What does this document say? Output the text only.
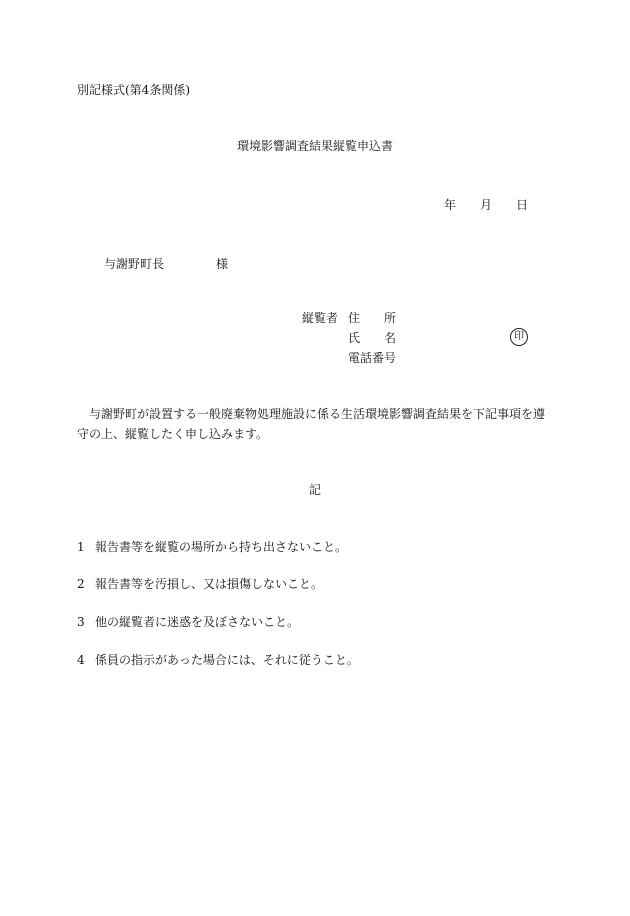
別記様式(第4条関係)
環境影響調査結果縦覧申込書
年 月 日
与謝野町長	様
縦覧者 住　　所
氏　　名	印
電話番号
与謝野町が設置する一般廃棄物処理施設に係る生活環境影響調査結果を下記事項を遵守の上、縦覧したく申し込みます。
記
1 報告書等を縦覧の場所から持ち出さないこと。
2 報告書等を汚損し、又は損傷しないこと。
3 他の縦覧者に迷惑を及ぼさないこと。
4 係員の指示があった場合には、それに従うこと。
